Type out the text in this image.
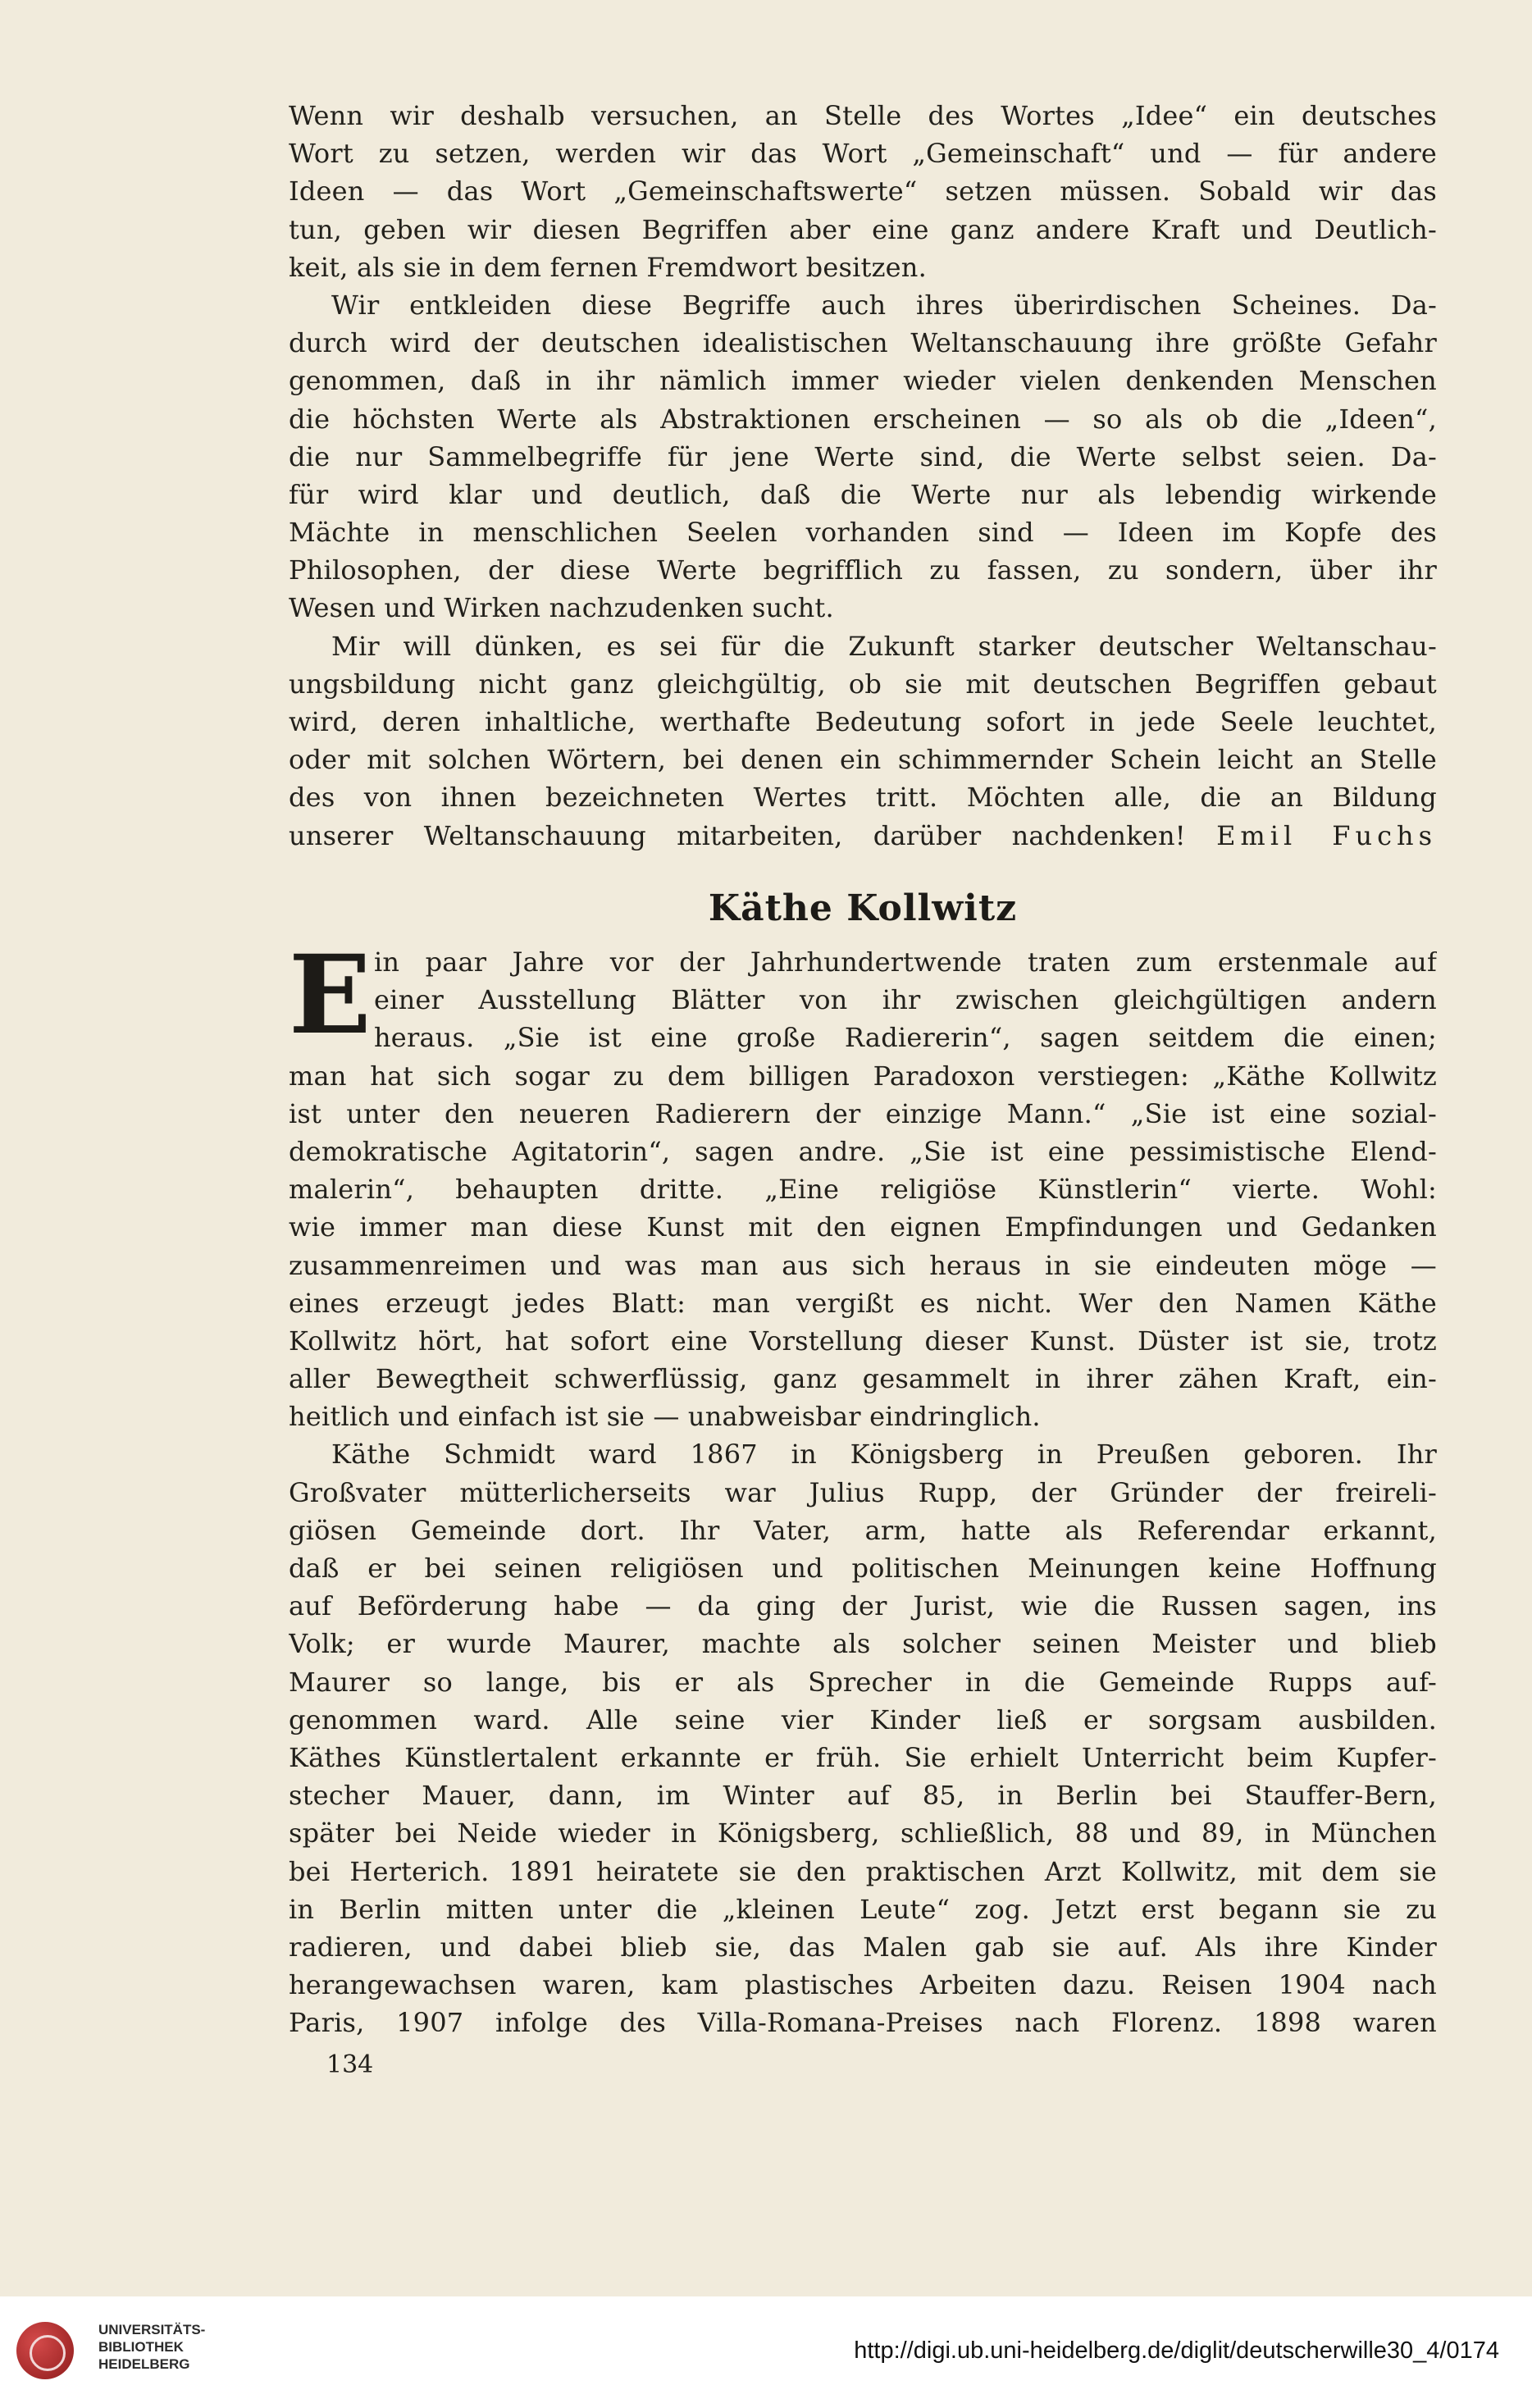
Wenn wir deshalb versuchen, an Stelle des Wortes „Idee“ ein deutsches
Wort zu setzen, werden wir das Wort „Gemeinschaft“ und — für andere
Ideen — das Wort „Gemeinschaftswerte“ setzen müssen. Sobald wir das
tun, geben wir diesen Begriffen aber eine ganz andere Kraft und Deutlich-
keit, als sie in dem fernen Fremdwort besitzen.
Wir entkleiden diese Begriffe auch ihres überirdischen Scheines. Da-
durch wird der deutschen idealistischen Weltanschauung ihre größte Gefahr
genommen, daß in ihr nämlich immer wieder vielen denkenden Menschen
die höchsten Werte als Abstraktionen erscheinen — so als ob die „Ideen“,
die nur Sammelbegriffe für jene Werte sind, die Werte selbst seien. Da-
für wird klar und deutlich, daß die Werte nur als lebendig wirkende
Mächte in menschlichen Seelen vorhanden sind — Ideen im Kopfe des
Philosophen, der diese Werte begrifflich zu fassen, zu sondern, über ihr
Wesen und Wirken nachzudenken sucht.
Mir will dünken, es sei für die Zukunft starker deutscher Weltanschau-
ungsbildung nicht ganz gleichgültig, ob sie mit deutschen Begriffen gebaut
wird, deren inhaltliche, werthafte Bedeutung sofort in jede Seele leuchtet,
oder mit solchen Wörtern, bei denen ein schimmernder Schein leicht an Stelle
des von ihnen bezeichneten Wertes tritt. Möchten alle, die an Bildung
unserer Weltanschauung mitarbeiten, darüber nachdenken! Emil Fuchs
Käthe Kollwitz
E in paar Jahre vor der Jahrhundertwende traten zum erstenmale auf
einer Ausstellung Blätter von ihr zwischen gleichgültigen andern
heraus. „Sie ist eine große Radiererin“, sagen seitdem die einen;
man hat sich sogar zu dem billigen Paradoxon verstiegen: „Käthe Kollwitz
ist unter den neueren Radierern der einzige Mann.“ „Sie ist eine sozial-
demokratische Agitatorin“, sagen andre. „Sie ist eine pessimistische Elend-
malerin“, behaupten dritte. „Eine religiöse Künstlerin“ vierte. Wohl:
wie immer man diese Kunst mit den eignen Empfindungen und Gedanken
zusammenreimen und was man aus sich heraus in sie eindeuten möge —
eines erzeugt jedes Blatt: man vergißt es nicht. Wer den Namen Käthe
Kollwitz hört, hat sofort eine Vorstellung dieser Kunst. Düster ist sie, trotz
aller Bewegtheit schwerflüssig, ganz gesammelt in ihrer zähen Kraft, ein-
heitlich und einfach ist sie — unabweisbar eindringlich.
Käthe Schmidt ward 1867 in Königsberg in Preußen geboren. Ihr
Großvater mütterlicherseits war Julius Rupp, der Gründer der freireli-
giösen Gemeinde dort. Ihr Vater, arm, hatte als Referendar erkannt,
daß er bei seinen religiösen und politischen Meinungen keine Hoffnung
auf Beförderung habe — da ging der Jurist, wie die Russen sagen, ins
Volk; er wurde Maurer, machte als solcher seinen Meister und blieb
Maurer so lange, bis er als Sprecher in die Gemeinde Rupps auf-
genommen ward. Alle seine vier Kinder ließ er sorgsam ausbilden.
Käthes Künstlertalent erkannte er früh. Sie erhielt Unterricht beim Kupfer-
stecher Mauer, dann, im Winter auf 85, in Berlin bei Stauffer-Bern,
später bei Neide wieder in Königsberg, schließlich, 88 und 89, in München
bei Herterich. 1891 heiratete sie den praktischen Arzt Kollwitz, mit dem sie
in Berlin mitten unter die „kleinen Leute“ zog. Jetzt erst begann sie zu
radieren, und dabei blieb sie, das Malen gab sie auf. Als ihre Kinder
herangewachsen waren, kam plastisches Arbeiten dazu. Reisen 1904 nach
Paris, 1907 infolge des Villa-Romana-Preises nach Florenz. 1898 waren
134
UNIVERSITÄTS-
BIBLIOTHEK
HEIDELBERG
http://digi.ub.uni-heidelberg.de/diglit/deutscherwille30_4/0174
